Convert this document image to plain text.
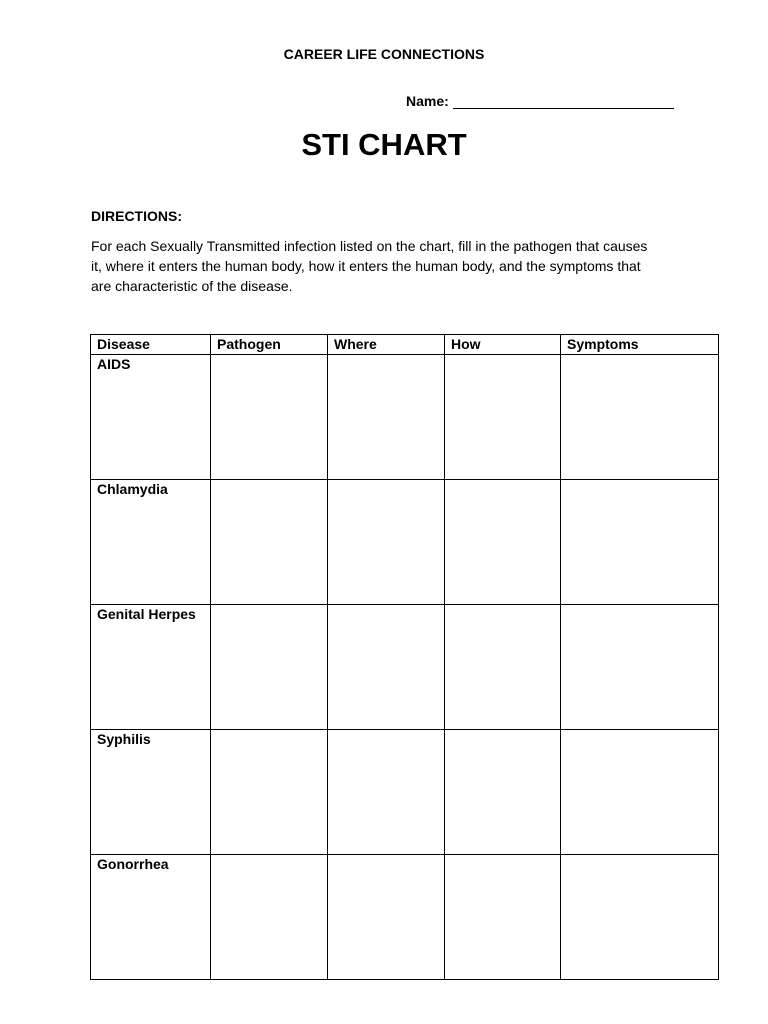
CAREER LIFE CONNECTIONS
Name:
STI CHART
DIRECTIONS:
For each Sexually Transmitted infection listed on the chart, fill in the pathogen that causes it, where it enters the human body, how it enters the human body, and the symptoms that are characteristic of the disease.
Disease	Pathogen	Where	How	Symptoms
AIDS				
Chlamydia				
Genital Herpes				
Syphilis				
Gonorrhea				
